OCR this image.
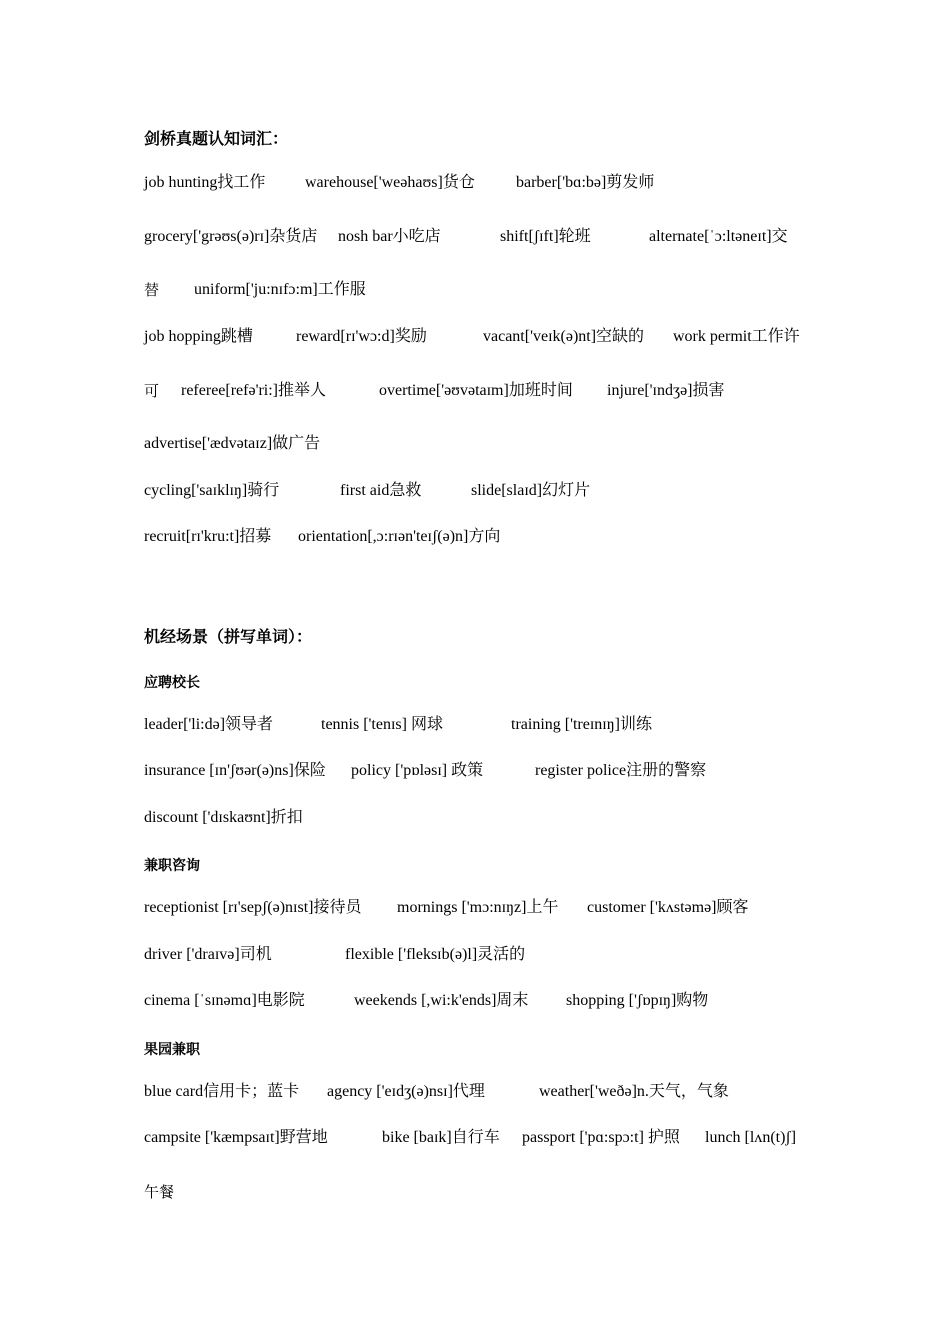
剑桥真题认知词汇：
job hunting找工作 warehouse['weəhaʊs]货仓	barber['bɑ:bə]剪发师
grocery['grəʊs(ə)rɪ]杂货店 nosh bar小吃店	shift[ʃɪft]轮班	alternate[ˈɔ:ltəneɪt]交
替 uniform['ju:nɪfɔ:m]工作服
job hopping跳槽	reward[rɪ'wɔ:d]奖励	vacant['veɪk(ə)nt]空缺的 work permit工作许
可 referee[refə'ri:]推举人	overtime['əʊvətaɪm]加班时间 injure['ɪndʒə]损害
advertise['ædvətaɪz]做广告
cycling['saɪklɪŋ]骑行	first aid急救	slide[slaɪd]幻灯片
recruit[rɪ'kru:t]招募 orientation[,ɔ:rɪən'teɪʃ(ə)n]方向
机经场景（拼写单词）：
应聘校长
leader['li:də]领导者	tennis ['tenɪs] 网球	training ['treɪnɪŋ]训练
insurance [ɪn'ʃʊər(ə)ns]保险 policy ['pɒləsɪ] 政策	register police注册的警察
discount ['dɪskaʊnt]折扣
兼职咨询
receptionist [rɪ'sepʃ(ə)nɪst]接待员 mornings ['mɔ:nɪŋz]上午 customer ['kʌstəmə]顾客
driver ['draɪvə]司机	flexible ['fleksɪb(ə)l]灵活的
cinema [ˈsɪnəmɑ]电影院	weekends [,wi:k'ends]周末 shopping ['ʃɒpɪŋ]购物
果园兼职
blue card信用卡；蓝卡 agency ['eɪdʒ(ə)nsɪ]代理	weather['weðə]n.天气，气象
campsite ['kæmpsaɪt]野营地	bike [baɪk]自行车 passport ['pɑ:spɔ:t] 护照 lunch [lʌn(t)ʃ]
午餐
